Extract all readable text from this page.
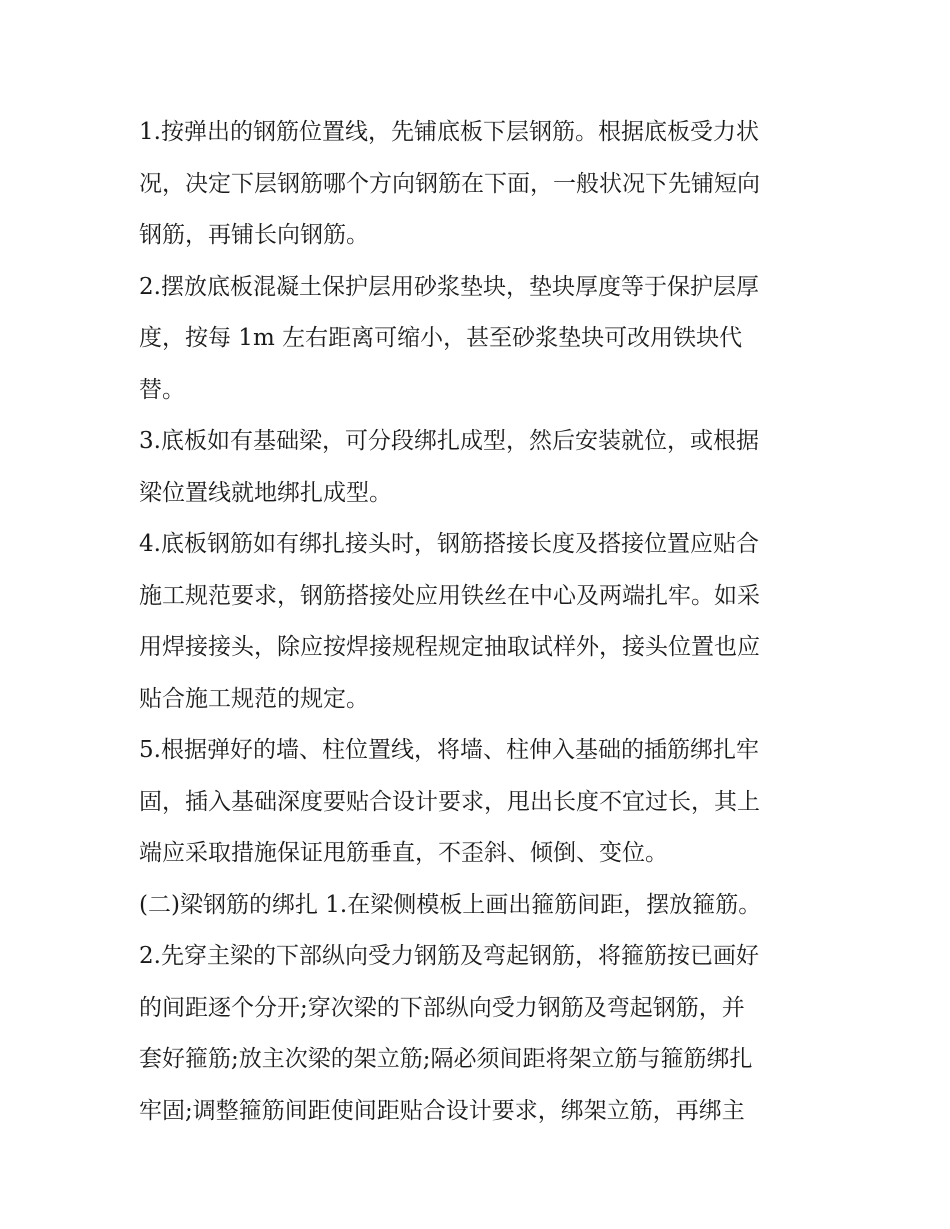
1.按弹出的钢筋位置线，先铺底板下层钢筋。根据底板受力状
况，决定下层钢筋哪个方向钢筋在下面，一般状况下先铺短向
钢筋，再铺长向钢筋。
2.摆放底板混凝土保护层用砂浆垫块，垫块厚度等于保护层厚
度，按每 1m 左右距离可缩小，甚至砂浆垫块可改用铁块代
替。
3.底板如有基础梁，可分段绑扎成型，然后安装就位，或根据
梁位置线就地绑扎成型。
4.底板钢筋如有绑扎接头时，钢筋搭接长度及搭接位置应贴合
施工规范要求，钢筋搭接处应用铁丝在中心及两端扎牢。如采
用焊接接头，除应按焊接规程规定抽取试样外，接头位置也应
贴合施工规范的规定。
5.根据弹好的墙、柱位置线，将墙、柱伸入基础的插筋绑扎牢
固，插入基础深度要贴合设计要求，甩出长度不宜过长，其上
端应采取措施保证甩筋垂直，不歪斜、倾倒、变位。
(二)梁钢筋的绑扎 1.在梁侧模板上画出箍筋间距，摆放箍筋。
2.先穿主梁的下部纵向受力钢筋及弯起钢筋，将箍筋按已画好
的间距逐个分开;穿次梁的下部纵向受力钢筋及弯起钢筋，并
套好箍筋;放主次梁的架立筋;隔必须间距将架立筋与箍筋绑扎
牢固;调整箍筋间距使间距贴合设计要求，绑架立筋，再绑主
